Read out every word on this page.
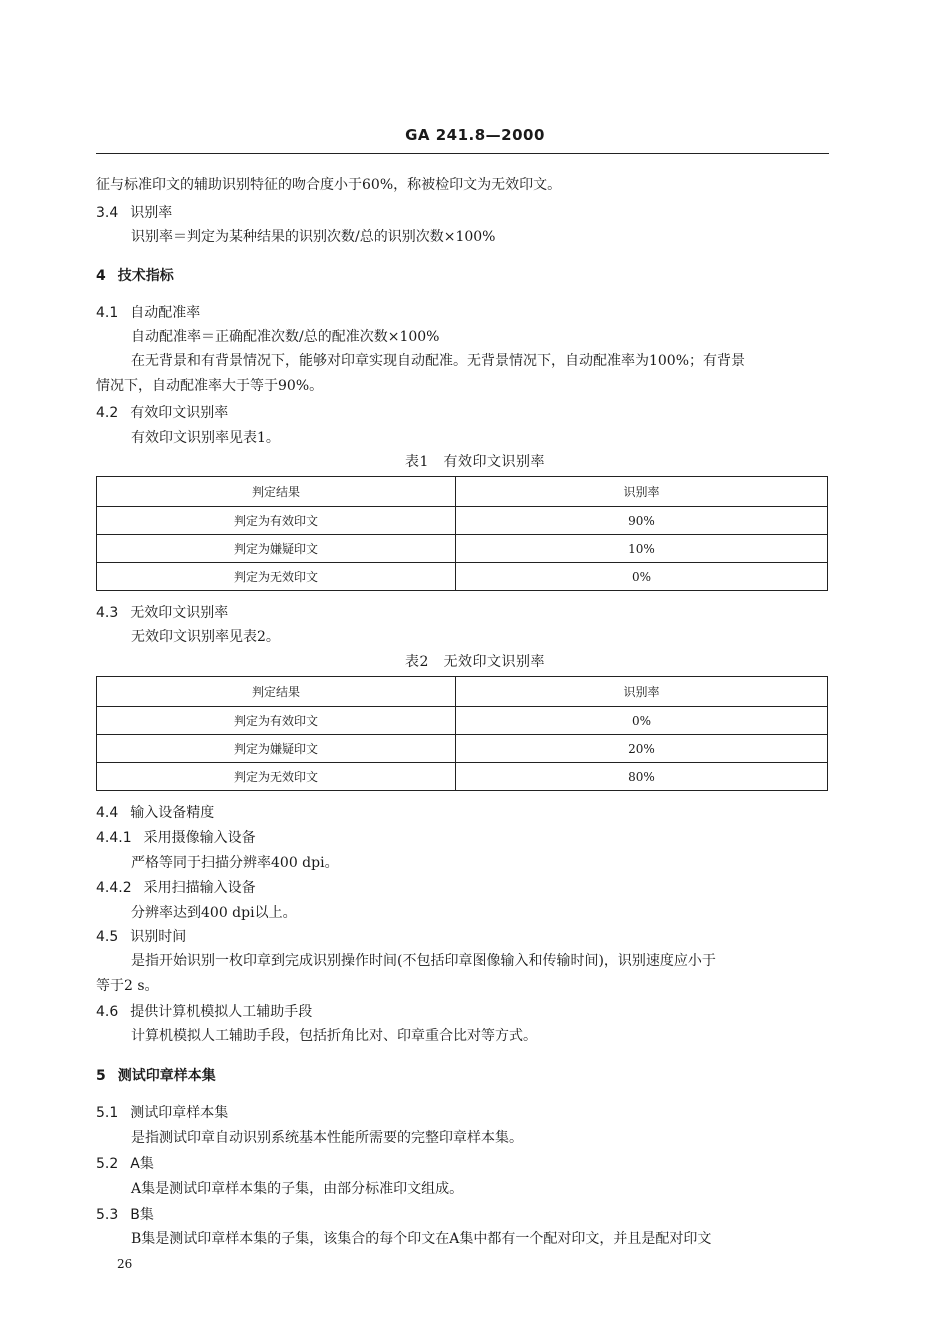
GA 241.8—2000
征与标准印文的辅助识别特征的吻合度小于60%，称被检印文为无效印文。
3.4 识别率
识别率＝判定为某种结果的识别次数/总的识别次数×100%
4 技术指标
4.1 自动配准率
自动配准率＝正确配准次数/总的配准次数×100%
在无背景和有背景情况下，能够对印章实现自动配准。无背景情况下，自动配准率为100%；有背景
情况下，自动配准率大于等于90%。
4.2 有效印文识别率
有效印文识别率见表1。
表1　有效印文识别率
判定结果	识别率
判定为有效印文	90%
判定为嫌疑印文	10%
判定为无效印文	0%
4.3 无效印文识别率
无效印文识别率见表2。
表2　无效印文识别率
判定结果	识别率
判定为有效印文	0%
判定为嫌疑印文	20%
判定为无效印文	80%
4.4 输入设备精度
4.4.1 采用摄像输入设备
严格等同于扫描分辨率400 dpi。
4.4.2 采用扫描输入设备
分辨率达到400 dpi以上。
4.5 识别时间
是指开始识别一枚印章到完成识别操作时间(不包括印章图像输入和传输时间)，识别速度应小于
等于2 s。
4.6 提供计算机模拟人工辅助手段
计算机模拟人工辅助手段，包括折角比对、印章重合比对等方式。
5 测试印章样本集
5.1 测试印章样本集
是指测试印章自动识别系统基本性能所需要的完整印章样本集。
5.2 A集
A集是测试印章样本集的子集，由部分标准印文组成。
5.3 B集
B集是测试印章样本集的子集，该集合的每个印文在A集中都有一个配对印文，并且是配对印文
26
